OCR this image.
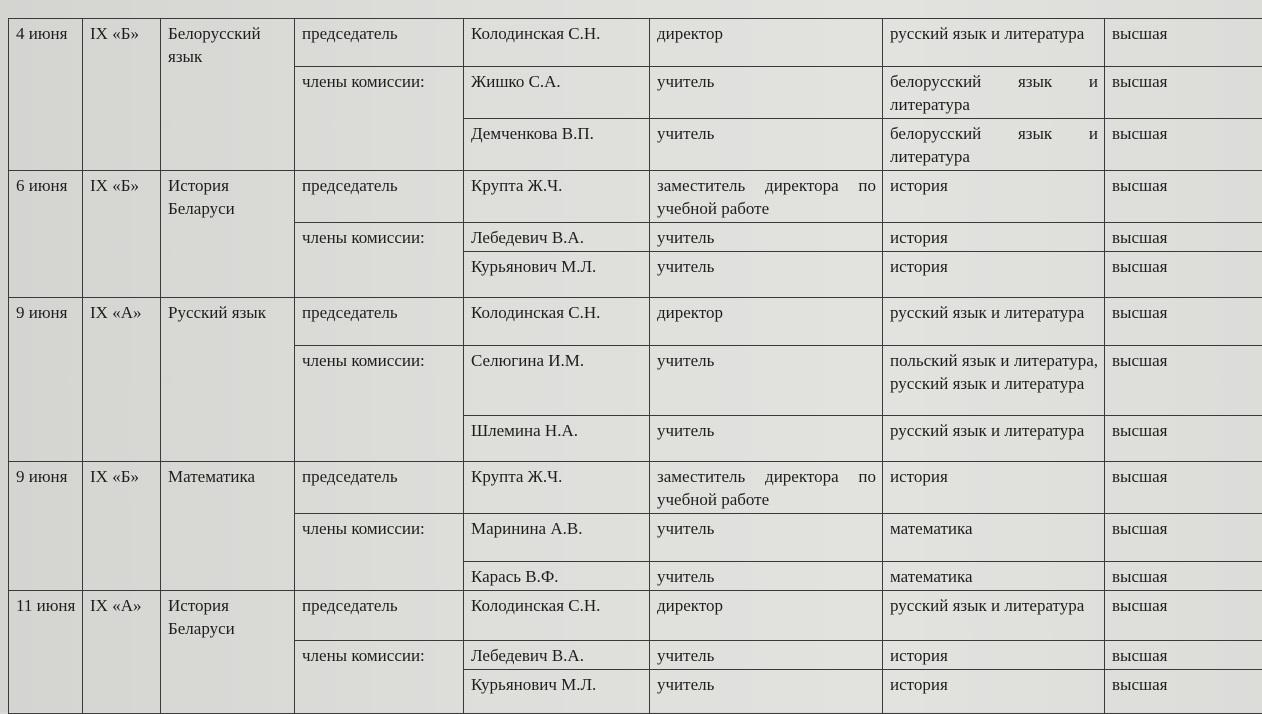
4 июня	IX «Б»	Белорусский язык	председатель	Колодинская С.Н.	директор	русский язык и литература	высшая
			члены комиссии:	Жишко С.А.	учитель	белорусский язык и литература	высшая
				Демченкова В.П.	учитель	белорусский язык и литература	высшая
6 июня	IX «Б»	История Беларуси	председатель	Крупта Ж.Ч.	заместитель директора по учебной работе	история	высшая
			члены комиссии:	Лебедевич В.А.	учитель	история	высшая
				Курьянович М.Л.	учитель	история	высшая
9 июня	IX «А»	Русский язык	председатель	Колодинская С.Н.	директор	русский язык и литература	высшая
			члены комиссии:	Селюгина И.М.	учитель	польский язык и литература, русский язык и литература	высшая
				Шлемина Н.А.	учитель	русский язык и литература	высшая
9 июня	IX «Б»	Математика	председатель	Крупта Ж.Ч.	заместитель директора по учебной работе	история	высшая
			члены комиссии:	Маринина А.В.	учитель	математика	высшая
				Карась В.Ф.	учитель	математика	высшая
11 июня	IX «А»	История Беларуси	председатель	Колодинская С.Н.	директор	русский язык и литература	высшая
			члены комиссии:	Лебедевич В.А.	учитель	история	высшая
				Курьянович М.Л.	учитель	история	высшая
